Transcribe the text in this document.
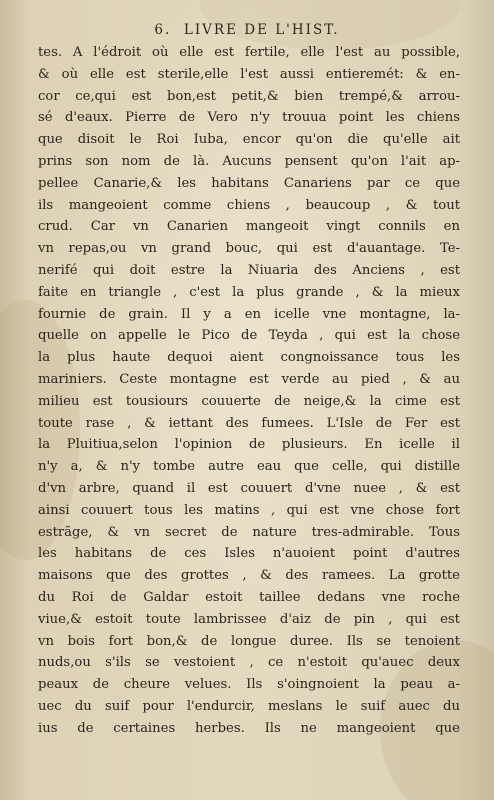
6.  LIVRE DE L'HIST.
tes. A l'édroit où elle est fertile, elle l'est au possible,
& où elle est sterile,elle l'est aussi entieremét: & en-
cor ce,qui est bon,est petit,& bien trempé,& arrou-
sé d'eaux. Pierre de Vero n'y trouua point les chiens
que disoit le Roi Iuba, encor qu'on die qu'elle ait
prins son nom de là. Aucuns pensent qu'on l'ait ap-
pellee Canarie,& les habitans Canariens par ce que
ils mangeoient comme chiens , beaucoup , & tout
crud. Car vn Canarien mangeoit vingt connils en
vn repas,ou vn grand bouc, qui est d'auantage. Te-
nerifé qui doit estre la Niuaria des Anciens , est
faite en triangle , c'est la plus grande , & la mieux
fournie de grain. Il y a en icelle vne montagne, la-
quelle on appelle le Pico de Teyda , qui est la chose
la plus haute dequoi aient congnoissance tous les
mariniers. Ceste montagne est verde au pied , & au
milieu est tousiours couuerte de neige,& la cime est
toute rase , & iettant des fumees. L'Isle de Fer est
la Pluitiua,selon l'opinion de plusieurs. En icelle il
n'y a, & n'y tombe autre eau que celle, qui distille
d'vn arbre, quand il est couuert d'vne nuee , & est
ainsi couuert tous les matins , qui est vne chose fort
estrãge, & vn secret de nature tres-admirable. Tous
les habitans de ces Isles n'auoient point d'autres
maisons que des grottes , & des ramees. La grotte
du Roi de Galdar estoit taillee dedans vne roche
viue,& estoit toute lambrissee d'aiz de pin , qui est
vn bois fort bon,& de longue duree. Ils se tenoient
nuds,ou s'ils se vestoient , ce n'estoit qu'auec deux
peaux de cheure velues. Ils s'oingnoient la peau a-
uec du suif pour l'endurcir, meslans le suif auec du
ius de certaines herbes. Ils ne mangeoient que
